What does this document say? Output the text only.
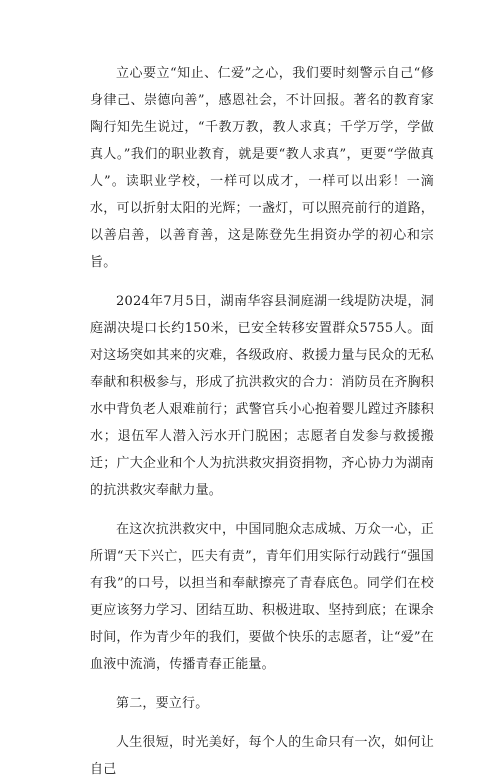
立心要立“知止、仁爱”之心，我们要时刻警示自己“修身律己、崇德向善”，感恩社会，不计回报。著名的教育家陶行知先生说过，“千教万教，教人求真；千学万学，学做真人。”我们的职业教育，就是要“教人求真”，更要“学做真人”。读职业学校，一样可以成才，一样可以出彩！一滴水，可以折射太阳的光辉；一盏灯，可以照亮前行的道路，以善启善，以善育善，这是陈登先生捐资办学的初心和宗旨。

2024年7月5日，湖南华容县洞庭湖一线堤防决堤，洞庭湖决堤口长约150米，已安全转移安置群众5755人。面对这场突如其来的灾难，各级政府、救援力量与民众的无私奉献和积极参与，形成了抗洪救灾的合力：消防员在齐胸积水中背负老人艰难前行；武警官兵小心抱着婴儿蹚过齐膝积水；退伍军人潜入污水开门脱困；志愿者自发参与救援搬迁；广大企业和个人为抗洪救灾捐资捐物，齐心协力为湖南的抗洪救灾奉献力量。

在这次抗洪救灾中，中国同胞众志成城、万众一心，正所谓“天下兴亡，匹夫有责”，青年们用实际行动践行“强国有我”的口号，以担当和奉献擦亮了青春底色。同学们在校更应该努力学习、团结互助、积极进取、坚持到底；在课余时间，作为青少年的我们，要做个快乐的志愿者，让“爱”在血液中流淌，传播青春正能量。

第二，要立行。

人生很短，时光美好，每个人的生命只有一次，如何让自己
